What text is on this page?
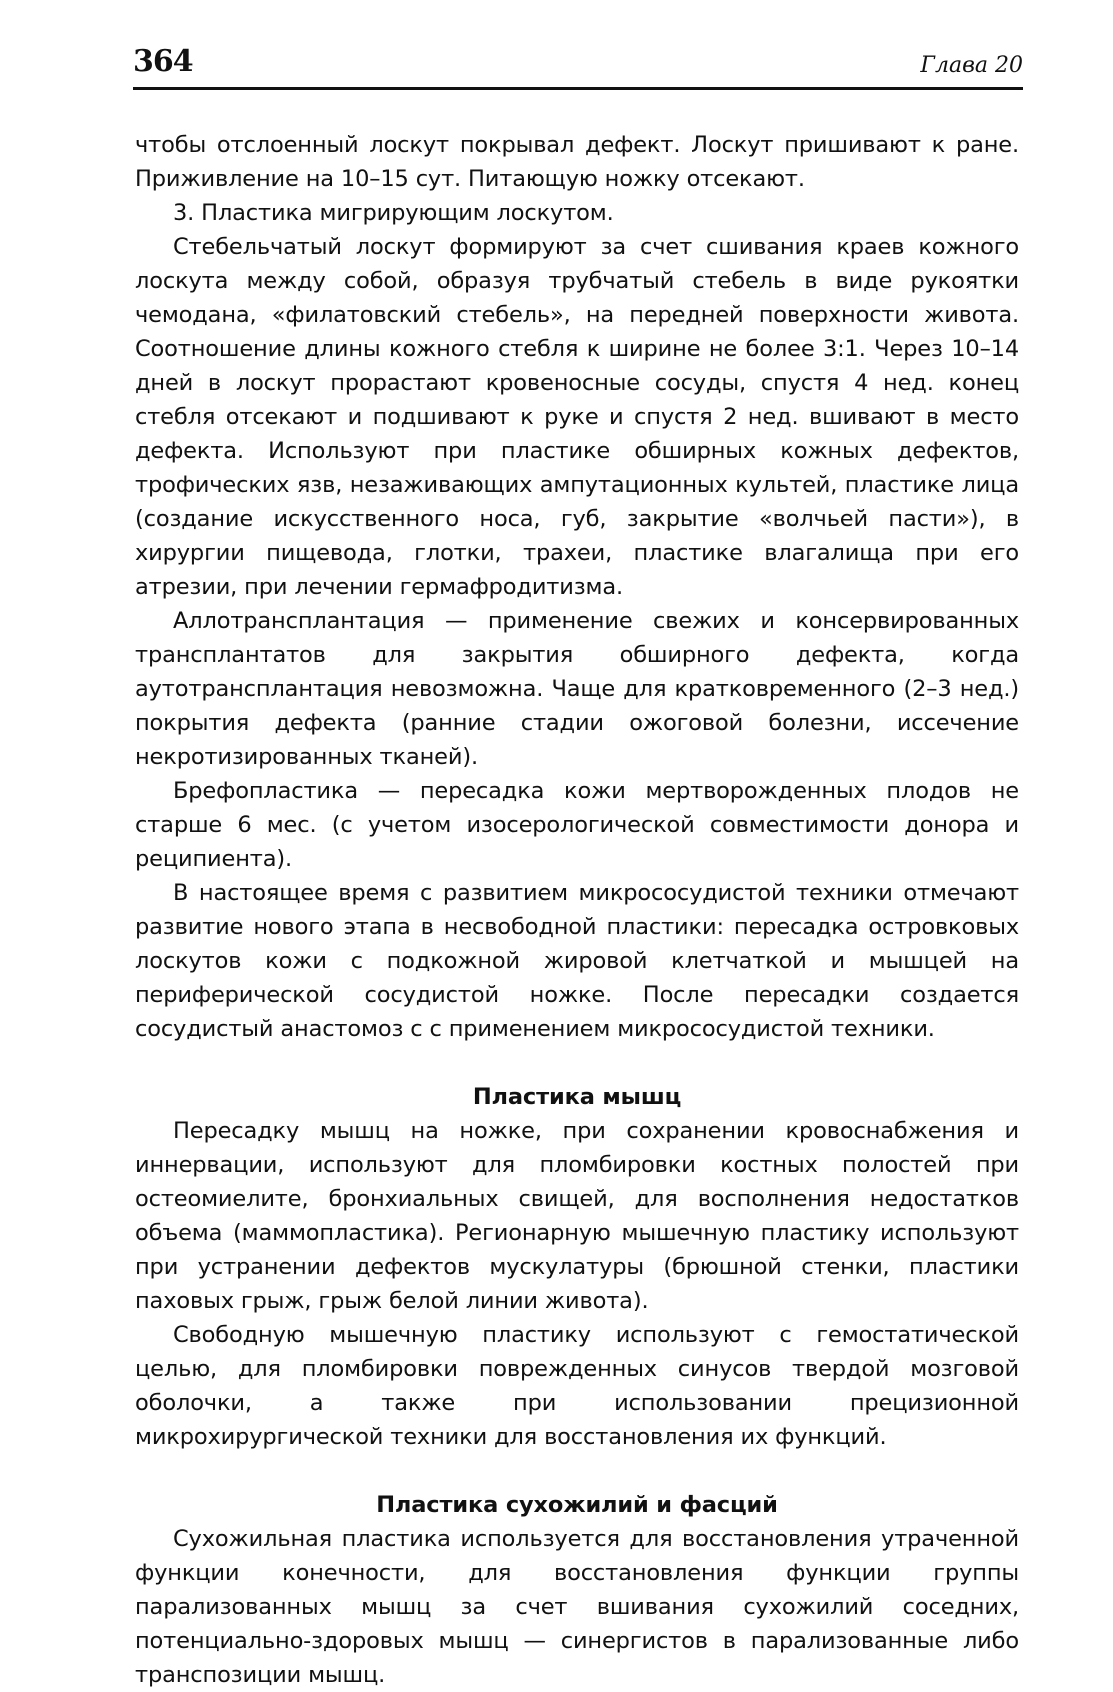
364	Глава 20

чтобы отслоенный лоскут покрывал дефект. Лоскут пришивают к ране. Приживление на 10–15 сут. Питающую ножку отсекают.

3. Пластика мигрирующим лоскутом.

Стебельчатый лоскут формируют за счет сшивания краев кожного лоскута между собой, образуя трубчатый стебель в виде рукоятки чемодана, «филатовский стебель», на передней поверхности живота. Соотношение длины кожного стебля к ширине не более 3:1. Через 10–14 дней в лоскут прорастают кровеносные сосуды, спустя 4 нед. конец стебля отсекают и подшивают к руке и спустя 2 нед. вшивают в место дефекта. Используют при пластике обширных кожных дефектов, трофических язв, незаживающих ампутационных культей, пластике лица (создание искусственного носа, губ, закрытие «волчьей пасти»), в хирургии пищевода, глотки, трахеи, пластике влагалища при его атрезии, при лечении гермафродитизма.

Аллотрансплантация — применение свежих и консервированных трансплантатов для закрытия обширного дефекта, когда аутотрансплантация невозможна. Чаще для кратковременного (2–3 нед.) покрытия дефекта (ранние стадии ожоговой болезни, иссечение некротизированных тканей).

Брефопластика — пересадка кожи мертворожденных плодов не старше 6 мес. (с учетом изосерологической совместимости донора и реципиента).

В настоящее время с развитием микрососудистой техники отмечают развитие нового этапа в несвободной пластики: пересадка островковых лоскутов кожи с подкожной жировой клетчаткой и мышцей на периферической сосудистой ножке. После пересадки создается сосудистый анастомоз с с применением микрососудистой техники.

Пластика мышц

Пересадку мышц на ножке, при сохранении кровоснабжения и иннервации, используют для пломбировки костных полостей при остеомиелите, бронхиальных свищей, для восполнения недостатков объема (маммопластика). Регионарную мышечную пластику используют при устранении дефектов мускулатуры (брюшной стенки, пластики паховых грыж, грыж белой линии живота).

Свободную мышечную пластику используют с гемостатической целью, для пломбировки поврежденных синусов твердой мозговой оболочки, а также при использовании прецизионной микрохирургической техники для восстановления их функций.

Пластика сухожилий и фасций

Сухожильная пластика используется для восстановления утраченной функции конечности, для восстановления функции группы парализованных мышц за счет вшивания сухожилий соседних, потенциально-здоровых мышц — синергистов в парализованные либо транспозиции мышц.
